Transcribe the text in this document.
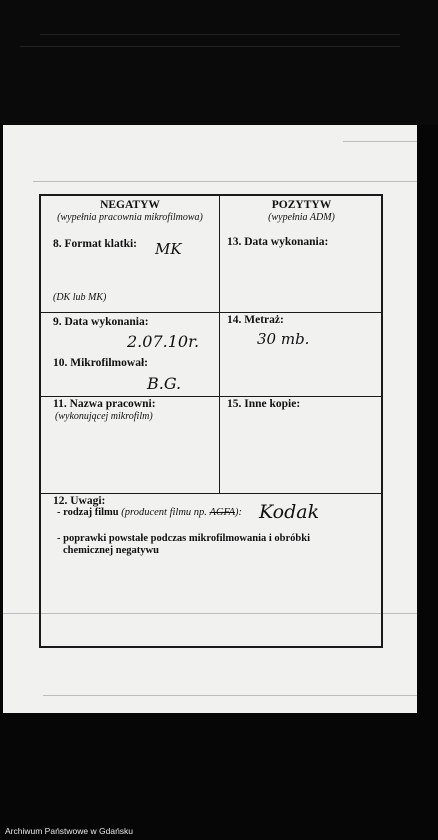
NEGATYW
(wypełnia pracownia mikrofilmowa)
8. Format klatki: MK
(DK lub MK)
9. Data wykonania:
2.07.10r.
10. Mikrofilmował:
B.G.
11. Nazwa pracowni:
(wykonującej mikrofilm)
POZYTYW
(wypełnia ADM)
13. Data wykonania:
14. Metraż:
30 mb.
15. Inne kopie:
12. Uwagi:
- rodzaj filmu (producent filmu np. AGFA): Kodak
- poprawki powstałe podczas mikrofilmowania i obróbki
chemicznej negatywu
Archiwum Państwowe w Gdańsku
